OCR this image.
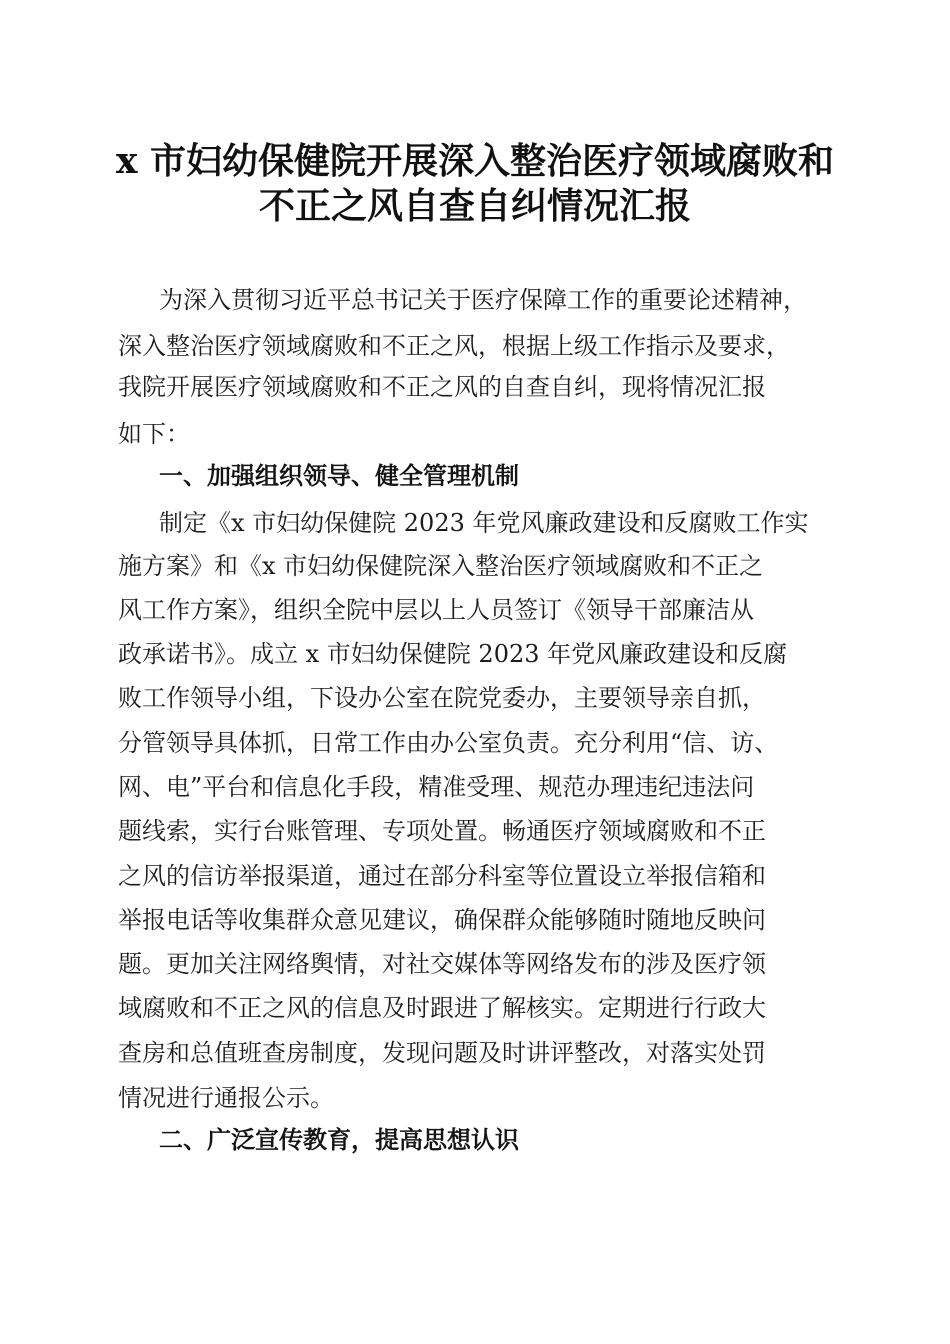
x 市妇幼保健院开展深入整治医疗领域腐败和
不正之风自查自纠情况汇报

为深入贯彻习近平总书记关于医疗保障工作的重要论述精神，

深入整治医疗领域腐败和不正之风，根据上级工作指示及要求，

我院开展医疗领域腐败和不正之风的自查自纠，现将情况汇报

如下：

一、加强组织领导、健全管理机制

制定《x 市妇幼保健院 2023 年党风廉政建设和反腐败工作实

施方案》和《x 市妇幼保健院深入整治医疗领域腐败和不正之

风工作方案》，组织全院中层以上人员签订《领导干部廉洁从

政承诺书》。成立 x 市妇幼保健院 2023 年党风廉政建设和反腐

败工作领导小组，下设办公室在院党委办，主要领导亲自抓，

分管领导具体抓，日常工作由办公室负责。充分利用“信、访、

网、电”平台和信息化手段，精准受理、规范办理违纪违法问

题线索，实行台账管理、专项处置。畅通医疗领域腐败和不正

之风的信访举报渠道，通过在部分科室等位置设立举报信箱和

举报电话等收集群众意见建议，确保群众能够随时随地反映问

题。更加关注网络舆情，对社交媒体等网络发布的涉及医疗领

域腐败和不正之风的信息及时跟进了解核实。定期进行行政大

查房和总值班查房制度，发现问题及时讲评整改，对落实处罚

情况进行通报公示。

二、广泛宣传教育，提高思想认识
